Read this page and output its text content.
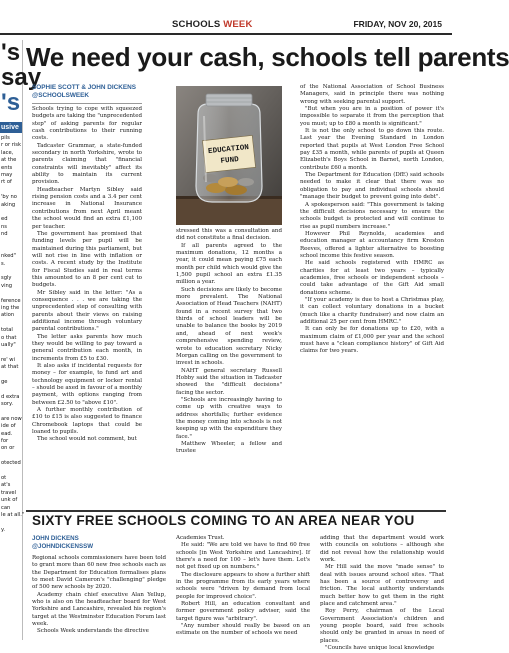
SCHOOLS WEEK	FRIDAY, NOV 20, 2015
's
say
's
usive
pils
r or risk
lace,
at the
ents
may
rt of
'by no
aking
ed
ns
nd
nked"
s.
sgly
ving
ference
ing the
ation
total
o that
ually"
re' wi
at that
ge
d extra
sory.
are now
ide of
ead.
for
on or
otected
ot
at's
travel
unk of
can
le at all."
y.
We need your cash, schools tell parents
SOPHIE SCOTT & JOHN DICKENS
@SCHOOLSWEEK

Schools trying to cope with squeezed budgets are taking the "unprecedented step" of asking parents for regular cash contributions to their running costs.

Tadcaster Grammar, a state-funded secondary in north Yorkshire, wrote to parents claiming that "financial constraints will inevitably" affect its ability to maintain its current provision.

Headteacher Martyn Sibley said rising pension costs and a 3.4 per cent increase in National Insurance contributions from next April meant the school would find an extra £1,100 per teacher.

The government has promised that funding levels per pupil will be maintained during this parliament, but will not rise in line with inflation or costs. A recent study by the Institute for Fiscal Studies said in real terms this amounted to an 8 per cent cut to budgets.

Mr Sibley said in the letter: "As a consequence . . . we are taking the unprecedented step of consulting with parents about their views on raising additional income through voluntary parental contributions."

The letter asks parents how much they would be willing to pay toward a general contribution each month, in increments from £5 to £30.

It also asks if incidental requests for money – for example, to fund art and technology equipment or locker rental – should be axed in favour of a monthly payment, with options ranging from between £2.50 to "above £10".

A further monthly contribution of £10 to £15 is also suggested to finance Chromebook laptops that could be loaned to pupils.

The school would not comment, but

EDUCATION
FUND

stressed this was a consultation and did not constitute a final decision.

If all parents agreed to the maximum donations, 12 months a year, it could mean paying £75 each month per child which would give the 1,500 pupil school an extra £1.35 million a year.

Such decisions are likely to become more prevalent. The National Association of Head Teachers (NAHT) found in a recent survey that two thirds of school leaders will be unable to balance the books by 2019 and, ahead of next week's comprehensive spending review, wrote to education secretary Nicky Morgan calling on the government to invest in schools.

NAHT general secretary Russell Hobby said the situation in Tadcaster showed the "difficult decisions" facing the sector.

"Schools are increasingly having to come up with creative ways to address shortfalls; further evidence the money coming into schools is not keeping up with the expenditure they face."

Matthew Wheeler, a fellow and trustee

of the National Association of School Business Managers, said in principle there was nothing wrong with seeking parental support.

"But when you are in a position of power it's impossible to separate it from the perception that you must; up to £80 a month is significant."

It is not the only school to go down this route. Last year the Evening Standard in London reported that pupils at West London Free School pay £35 a month, while parents of pupils at Queen Elizabeth's Boys School in Barnet, north London, contribute £60 a month.

The Department for Education (DfE) said schools needed to make it clear that there was no obligation to pay and individual schools should "manage their budget to prevent going into debt".

A spokesperson said: "This government is taking the difficult decisions necessary to ensure the schools budget is protected and will continue to rise as pupil numbers increase."

However Phil Reynolds, academies and education manager at accountancy firm Kreston Reeves, offered a lighter alternative to boosting school income this festive season.

He said schools registered with HMRC as charities for at least two years – typically academies, free schools or independent schools – could take advantage of the Gift Aid small donations scheme.

"If your academy is due to host a Christmas play, it can collect voluntary donations in a bucket (much like a charity fundraiser) and now claim an additional 25 per cent from HMRC."

It can only be for donations up to £20, with a maximum claim of £1,000 per year and the school must have a "clean compliance history" of Gift Aid claims for two years.

SIXTY FREE SCHOOLS COMING TO AN AREA NEAR YOU
JOHN DICKENS
@JOHNDICKENSSW

Regional schools commissioners have been told to grant more than 60 new free schools each as the Department for Education formalises plans to meet David Cameron's "challenging" pledge of 500 new schools by 2020.

Academy chain chief executive Alan Yellup, who is also on the headteacher board for West Yorkshire and Lancashire, revealed his region's target at the Westminster Education Forum last week.

Schools Week understands the directive

Academies Trust.

He said: "We are told we have to find 60 free schools [in West Yorkshire and Lancashire]. If there's a need for 100 – let's have them. Let's not get fixed up on numbers."

The disclosure appears to show a further shift in the programme from its early years where schools were "driven by demand from local people for improved choice".

Robert Hill, an education consultant and former government policy adviser, said the target figure was "arbitrary".

"Any number should really be based on an estimate on the number of schools we need

adding that the department would work with councils on solutions – although she did not reveal how the relationship would work.

Mr Hill said the move "made sense" to deal with issues around school sites. "That has been a source of controversy and friction. The local authority understands much better how to get them in the right place and catchment area."

Roy Perry, chairman of the Local Government Association's children and young people board, said free schools should only be granted in areas in need of places.

"Councils have unique local knowledge
